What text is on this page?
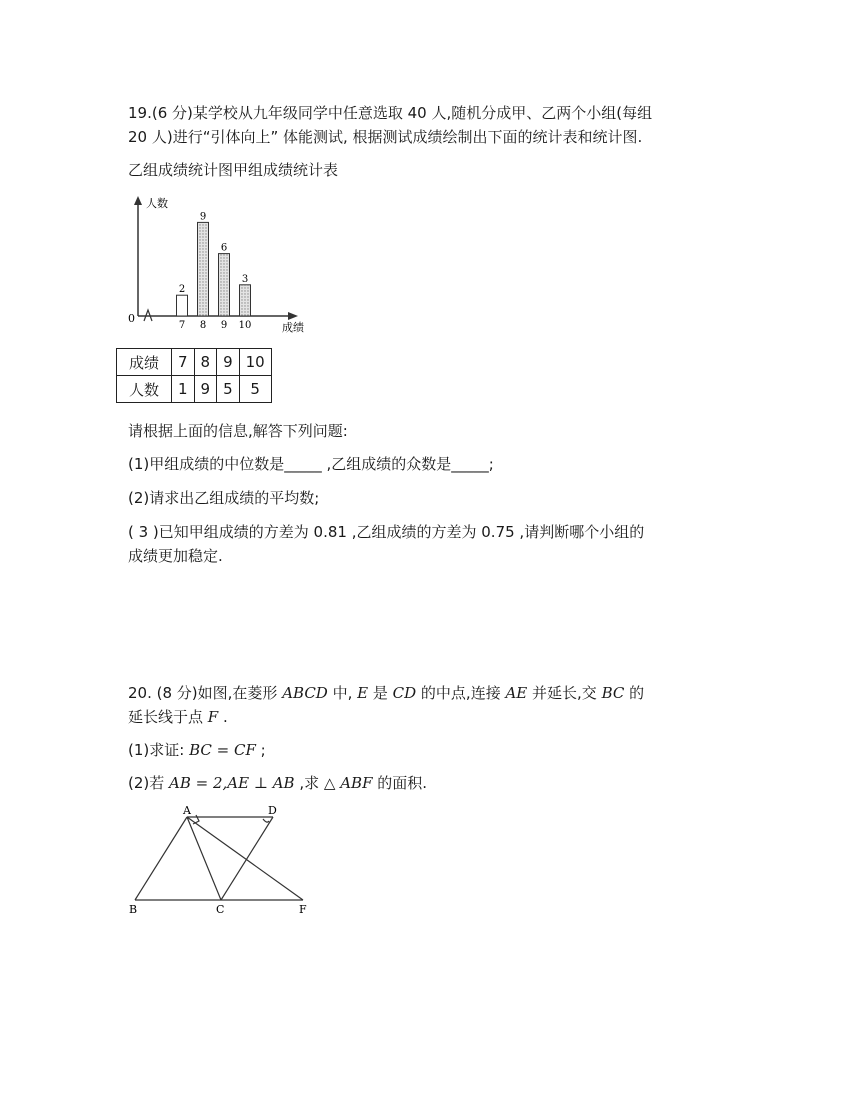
19.(6 分)某学校从九年级同学中任意选取 40 人,随机分成甲、乙两个小组(每组
20 人)进行“引体向上” 体能测试, 根据测试成绩绘制出下面的统计表和统计图.
乙组成绩统计图甲组成绩统计表
人数
成绩
0
2
7
9
8
6
9
3
10
成绩	7	8	9	10
人数	1	9	5	5
请根据上面的信息,解答下列问题:
(1)甲组成绩的中位数是_____ ,乙组成绩的众数是_____;
(2)请求出乙组成绩的平均数;
( 3 )已知甲组成绩的方差为 0.81 ,乙组成绩的方差为 0.75 ,请判断哪个小组的
成绩更加稳定.
20. (8 分)如图,在菱形 ABCD 中, E 是 CD 的中点,连接 AE 并延长,交 BC 的
延长线于点 F .
(1)求证: BC = CF ;
(2)若 AB = 2,AE ⊥ AB ,求 △ ABF 的面积.
A	D
B	C	F
